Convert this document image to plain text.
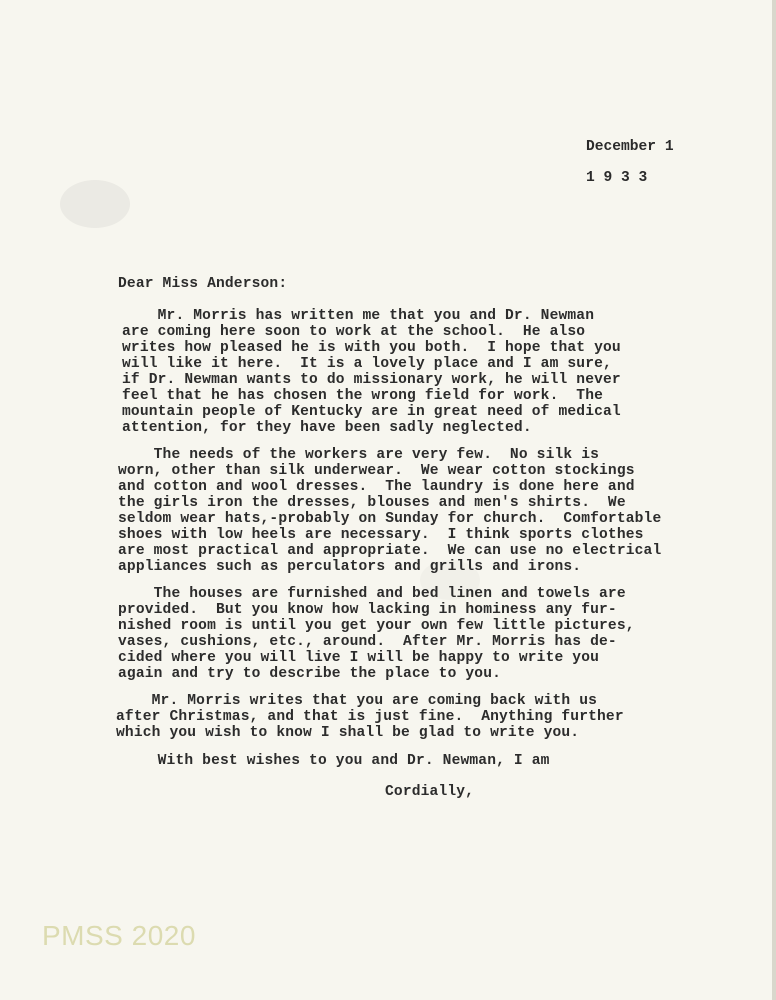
December 1
1 9 3 3
Dear Miss Anderson:
Mr. Morris has written me that you and Dr. Newman
are coming here soon to work at the school.  He also
writes how pleased he is with you both.  I hope that you
will like it here.  It is a lovely place and I am sure,
if Dr. Newman wants to do missionary work, he will never
feel that he has chosen the wrong field for work.  The
mountain people of Kentucky are in great need of medical
attention, for they have been sadly neglected.
The needs of the workers are very few.  No silk is
worn, other than silk underwear.  We wear cotton stockings
and cotton and wool dresses.  The laundry is done here and
the girls iron the dresses, blouses and men's shirts.  We
seldom wear hats,-probably on Sunday for church.  Comfortable
shoes with low heels are necessary.  I think sports clothes
are most practical and appropriate.  We can use no electrical
appliances such as perculators and grills and irons.
The houses are furnished and bed linen and towels are
provided.  But you know how lacking in hominess any fur-
nished room is until you get your own few little pictures,
vases, cushions, etc., around.  After Mr. Morris has de-
cided where you will live I will be happy to write you
again and try to describe the place to you.
Mr. Morris writes that you are coming back with us
after Christmas, and that is just fine.  Anything further
which you wish to know I shall be glad to write you.
With best wishes to you and Dr. Newman, I am
Cordially,
PMSS 2020
